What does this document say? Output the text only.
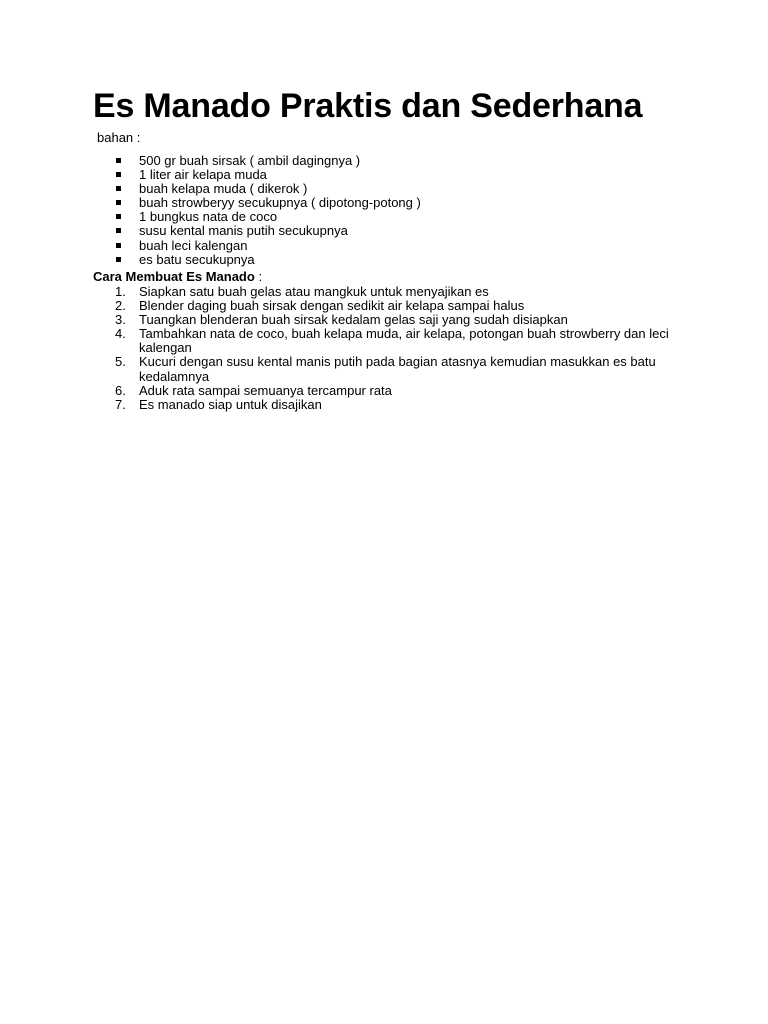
Es Manado Praktis dan Sederhana
bahan :
500 gr buah sirsak ( ambil dagingnya )
1 liter air kelapa muda
buah kelapa muda ( dikerok )
buah strowberyy secukupnya ( dipotong-potong )
1 bungkus nata de coco
susu kental manis putih secukupnya
buah leci kalengan
es batu secukupnya
Cara Membuat Es Manado :
1. Siapkan satu buah gelas atau mangkuk untuk menyajikan es
2. Blender daging buah sirsak dengan sedikit air kelapa sampai halus
3. Tuangkan blenderan buah sirsak kedalam gelas saji yang sudah disiapkan
4. Tambahkan nata de coco, buah kelapa muda, air kelapa, potongan buah strowberry dan leci kalengan
5. Kucuri dengan susu kental manis putih pada bagian atasnya kemudian masukkan es batu kedalamnya
6. Aduk rata sampai semuanya tercampur rata
7. Es manado siap untuk disajikan
